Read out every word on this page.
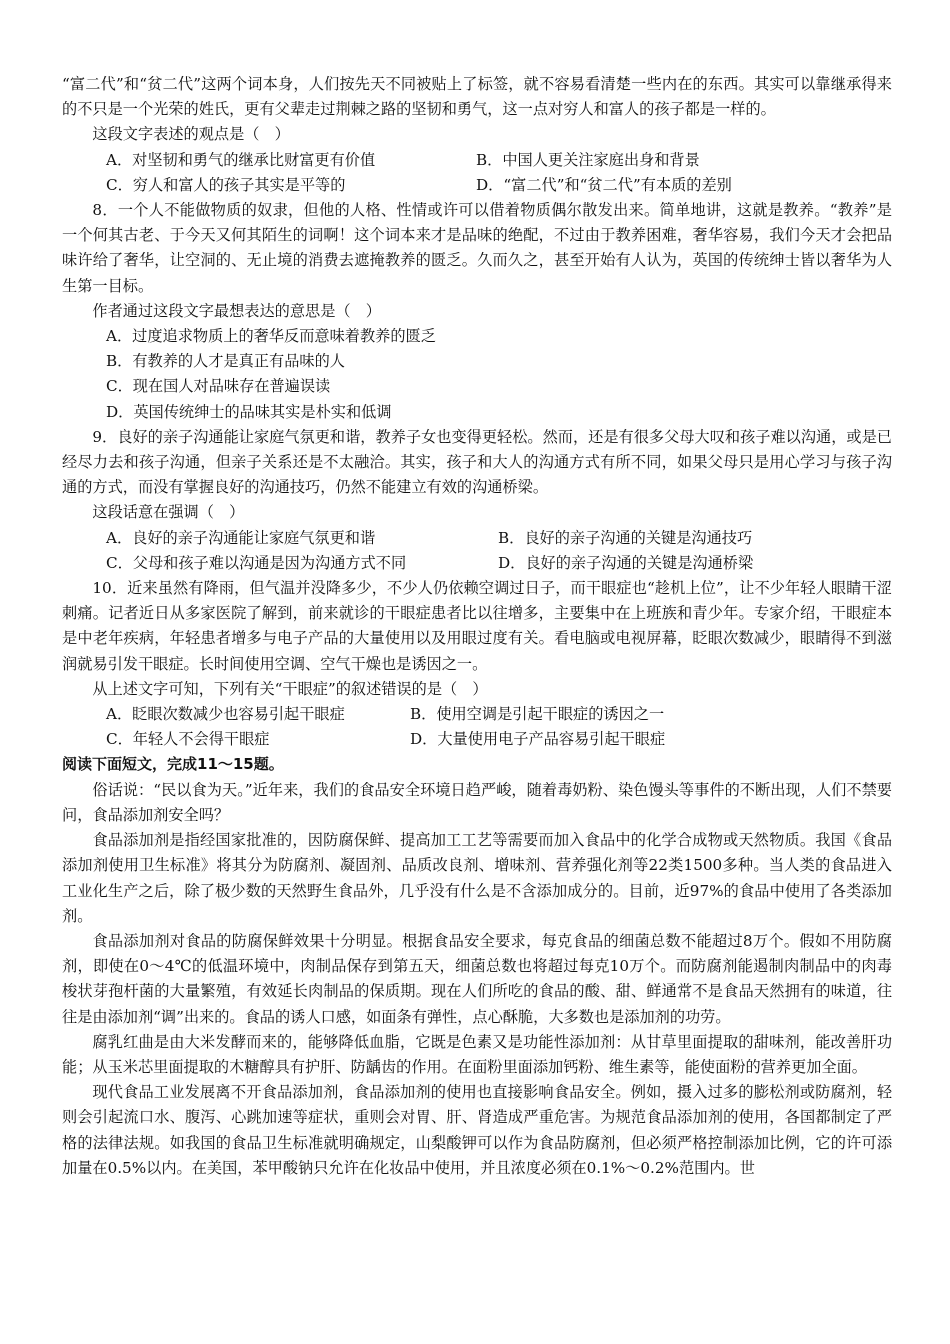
“富二代”和“贫二代”这两个词本身，人们按先天不同被贴上了标签，就不容易看清楚一些内在的东西。其实可以靠继承得来的不只是一个光荣的姓氏，更有父辈走过荆棘之路的坚韧和勇气，这一点对穷人和富人的孩子都是一样的。

这段文字表述的观点是（　）

A．对坚韧和勇气的继承比财富更有价值	B．中国人更关注家庭出身和背景
C．穷人和富人的孩子其实是平等的	D．“富二代”和“贫二代”有本质的差别

8．一个人不能做物质的奴隶，但他的人格、性情或许可以借着物质偶尔散发出来。简单地讲，这就是教养。“教养”是一个何其古老、于今天又何其陌生的词啊！这个词本来才是品味的绝配，不过由于教养困难，奢华容易，我们今天才会把品味许给了奢华，让空洞的、无止境的消费去遮掩教养的匮乏。久而久之，甚至开始有人认为，英国的传统绅士皆以奢华为人生第一目标。

作者通过这段文字最想表达的意思是（　）

A．过度追求物质上的奢华反而意味着教养的匮乏

B．有教养的人才是真正有品味的人

C．现在国人对品味存在普遍误读

D．英国传统绅士的品味其实是朴实和低调

9．良好的亲子沟通能让家庭气氛更和谐，教养子女也变得更轻松。然而，还是有很多父母大叹和孩子难以沟通，或是已经尽力去和孩子沟通，但亲子关系还是不太融洽。其实，孩子和大人的沟通方式有所不同，如果父母只是用心学习与孩子沟通的方式，而没有掌握良好的沟通技巧，仍然不能建立有效的沟通桥梁。

这段话意在强调（　）

A．良好的亲子沟通能让家庭气氛更和谐	B．良好的亲子沟通的关键是沟通技巧
C．父母和孩子难以沟通是因为沟通方式不同	D．良好的亲子沟通的关键是沟通桥梁

10．近来虽然有降雨，但气温并没降多少，不少人仍依赖空调过日子，而干眼症也“趁机上位”，让不少年轻人眼睛干涩刺痛。记者近日从多家医院了解到，前来就诊的干眼症患者比以往增多，主要集中在上班族和青少年。专家介绍，干眼症本是中老年疾病，年轻患者增多与电子产品的大量使用以及用眼过度有关。看电脑或电视屏幕，眨眼次数减少，眼睛得不到滋润就易引发干眼症。长时间使用空调、空气干燥也是诱因之一。

从上述文字可知，下列有关“干眼症”的叙述错误的是（　）

A．眨眼次数减少也容易引起干眼症	B．使用空调是引起干眼症的诱因之一
C．年轻人不会得干眼症	D．大量使用电子产品容易引起干眼症

阅读下面短文，完成11～15题。

俗话说：“民以食为天。”近年来，我们的食品安全环境日趋严峻，随着毒奶粉、染色馒头等事件的不断出现，人们不禁要问，食品添加剂安全吗？

食品添加剂是指经国家批准的，因防腐保鲜、提高加工工艺等需要而加入食品中的化学合成物或天然物质。我国《食品添加剂使用卫生标准》将其分为防腐剂、凝固剂、品质改良剂、增味剂、营养强化剂等22类1500多种。当人类的食品进入工业化生产之后，除了极少数的天然野生食品外，几乎没有什么是不含添加成分的。目前，近97%的食品中使用了各类添加剂。

食品添加剂对食品的防腐保鲜效果十分明显。根据食品安全要求，每克食品的细菌总数不能超过8万个。假如不用防腐剂，即使在0～4℃的低温环境中，肉制品保存到第五天，细菌总数也将超过每克10万个。而防腐剂能遏制肉制品中的肉毒梭状芽孢杆菌的大量繁殖，有效延长肉制品的保质期。现在人们所吃的食品的酸、甜、鲜通常不是食品天然拥有的味道，往往是由添加剂“调”出来的。食品的诱人口感，如面条有弹性，点心酥脆，大多数也是添加剂的功劳。

腐乳红曲是由大米发酵而来的，能够降低血脂，它既是色素又是功能性添加剂：从甘草里面提取的甜味剂，能改善肝功能；从玉米芯里面提取的木糖醇具有护肝、防龋齿的作用。在面粉里面添加钙粉、维生素等，能使面粉的营养更加全面。

现代食品工业发展离不开食品添加剂，食品添加剂的使用也直接影响食品安全。例如，摄入过多的膨松剂或防腐剂，轻则会引起流口水、腹泻、心跳加速等症状，重则会对胃、肝、肾造成严重危害。为规范食品添加剂的使用，各国都制定了严格的法律法规。如我国的食品卫生标准就明确规定，山梨酸钾可以作为食品防腐剂，但必须严格控制添加比例，它的许可添加量在0.5%以内。在美国，苯甲酸钠只允许在化妆品中使用，并且浓度必须在0.1%～0.2%范围内。世
